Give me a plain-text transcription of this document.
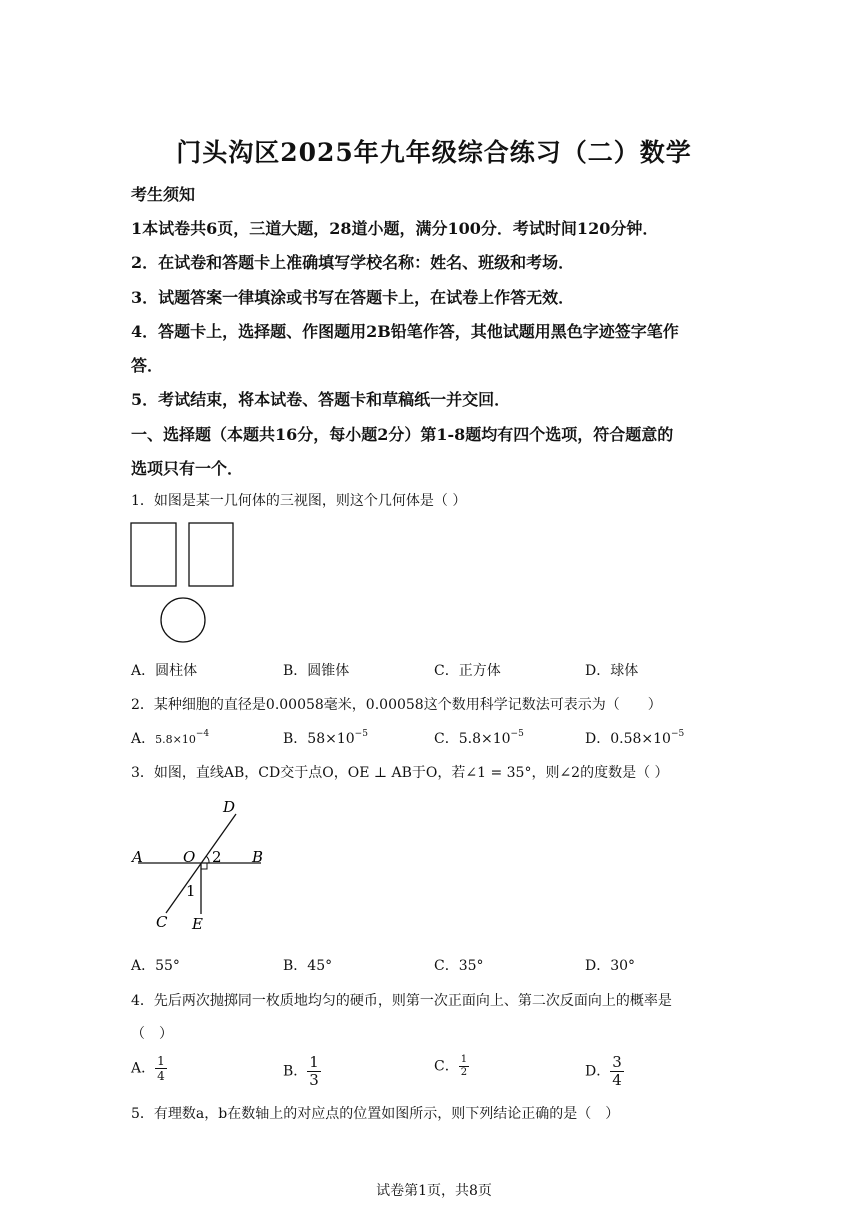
门头沟区2025年九年级综合练习（二）数学
考生须知
1本试卷共6页，三道大题，28道小题，满分100分．考试时间120分钟．
2．在试卷和答题卡上准确填写学校名称：姓名、班级和考场．
3．试题答案一律填涂或书写在答题卡上，在试卷上作答无效．
4．答题卡上，选择题、作图题用2B铅笔作答，其他试题用黑色字迹签字笔作
答．
5．考试结束，将本试卷、答题卡和草稿纸一并交回．
一、选择题（本题共16分，每小题2分）第1-8题均有四个选项，符合题意的
选项只有一个．
1．如图是某一几何体的三视图，则这个几何体是（ ）
A．圆柱体	B．圆锥体	C．正方体	D．球体
2．某种细胞的直径是0.00058毫米，0.00058这个数用科学记数法可表示为（　　）
A．$5.8\times 10^{-4}$	B．$58\times 10^{-5}$	C．$5.8\times 10^{-5}$	D．$0.58\times 10^{-5}$
3．如图，直线AB，CD交于点O，OE ⊥ AB于O，若∠1 = 35°，则∠2的度数是（ ）
A	B
C
D
E
O
1
2
A．55°	B．45°	C．35°	D．30°
4．先后两次抛掷同一枚质地均匀的硬币，则第一次正面向上、第二次反面向上的概率是
（　）
A． $\frac{1}{4}$	B． $\frac{1}{3}$	C． $\frac{1}{2}$	D． $\frac{3}{4}$
5．有理数a，b在数轴上的对应点的位置如图所示，则下列结论正确的是（　）
试卷第1页，共8页
